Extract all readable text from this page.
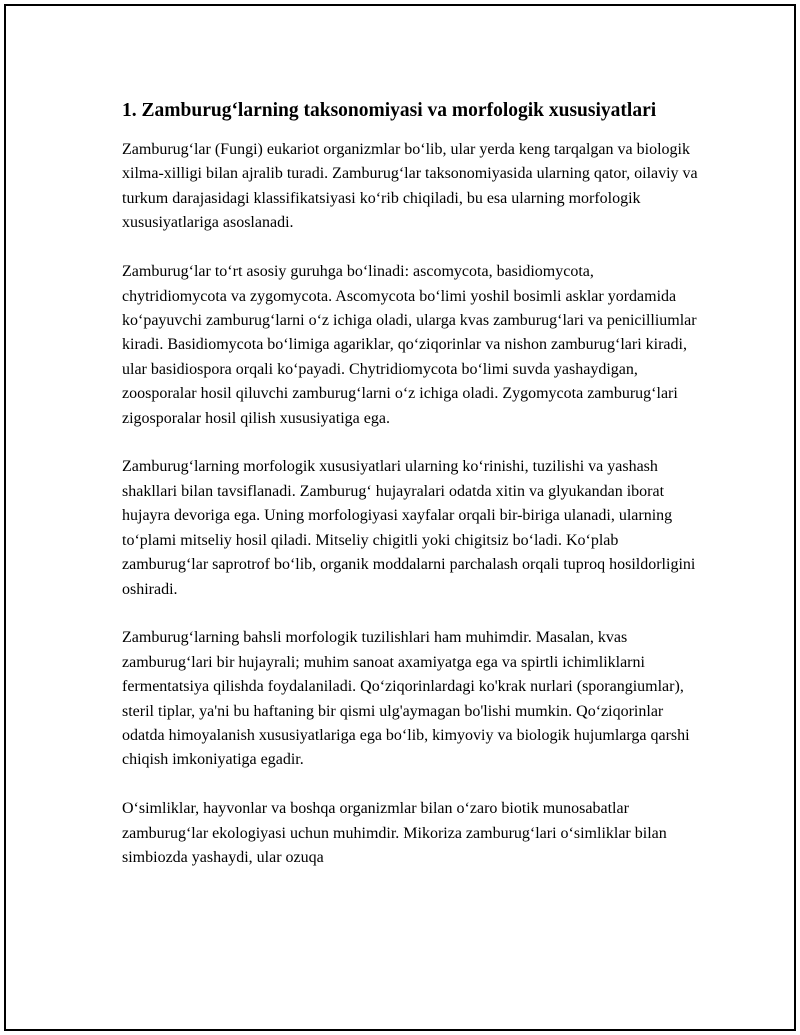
1. Zamburug‘larning taksonomiyasi va morfologik xususiyatlari
Zamburug‘lar (Fungi) eukariot organizmlar bo‘lib, ular yerda keng tarqalgan va biologik xilma-xilligi bilan ajralib turadi. Zamburug‘lar taksonomiyasida ularning qator, oilaviy va turkum darajasidagi klassifikatsiyasi ko‘rib chiqiladi, bu esa ularning morfologik xususiyatlariga asoslanadi.
Zamburug‘lar to‘rt asosiy guruhga bo‘linadi: ascomycota, basidiomycota, chytridiomycota va zygomycota. Ascomycota bo‘limi yoshil bosimli asklar yordamida ko‘payuvchi zamburug‘larni o‘z ichiga oladi, ularga kvas zamburug‘lari va penicilliumlar kiradi. Basidiomycota bo‘limiga agariklar, qo‘ziqorinlar va nishon zamburug‘lari kiradi, ular basidiospora orqali ko‘payadi. Chytridiomycota bo‘limi suvda yashaydigan, zoosporalar hosil qiluvchi zamburug‘larni o‘z ichiga oladi. Zygomycota zamburug‘lari zigosporalar hosil qilish xususiyatiga ega.
Zamburug‘larning morfologik xususiyatlari ularning ko‘rinishi, tuzilishi va yashash shakllari bilan tavsiflanadi. Zamburug‘ hujayralari odatda xitin va glyukandan iborat hujayra devoriga ega. Uning morfologiyasi xayfalar orqali bir-biriga ulanadi, ularning to‘plami mitseliy hosil qiladi. Mitseliy chigitli yoki chigitsiz bo‘ladi. Ko‘plab zamburug‘lar saprotrof bo‘lib, organik moddalarni parchalash orqali tuproq hosildorligini oshiradi.
Zamburug‘larning bahsli morfologik tuzilishlari ham muhimdir. Masalan, kvas zamburug‘lari bir hujayrali; muhim sanoat axamiyatga ega va spirtli ichimliklarni fermentatsiya qilishda foydalaniladi. Qo‘ziqorinlardagi ko'krak nurlari (sporangiumlar), steril tiplar, ya'ni bu haftaning bir qismi ulg'aymagan bo'lishi mumkin. Qo‘ziqorinlar odatda himoyalanish xususiyatlariga ega bo‘lib, kimyoviy va biologik hujumlarga qarshi chiqish imkoniyatiga egadir.
O‘simliklar, hayvonlar va boshqa organizmlar bilan o‘zaro biotik munosabatlar zamburug‘lar ekologiyasi uchun muhimdir. Mikoriza zamburug‘lari o‘simliklar bilan simbiozda yashaydi, ular ozuqa
